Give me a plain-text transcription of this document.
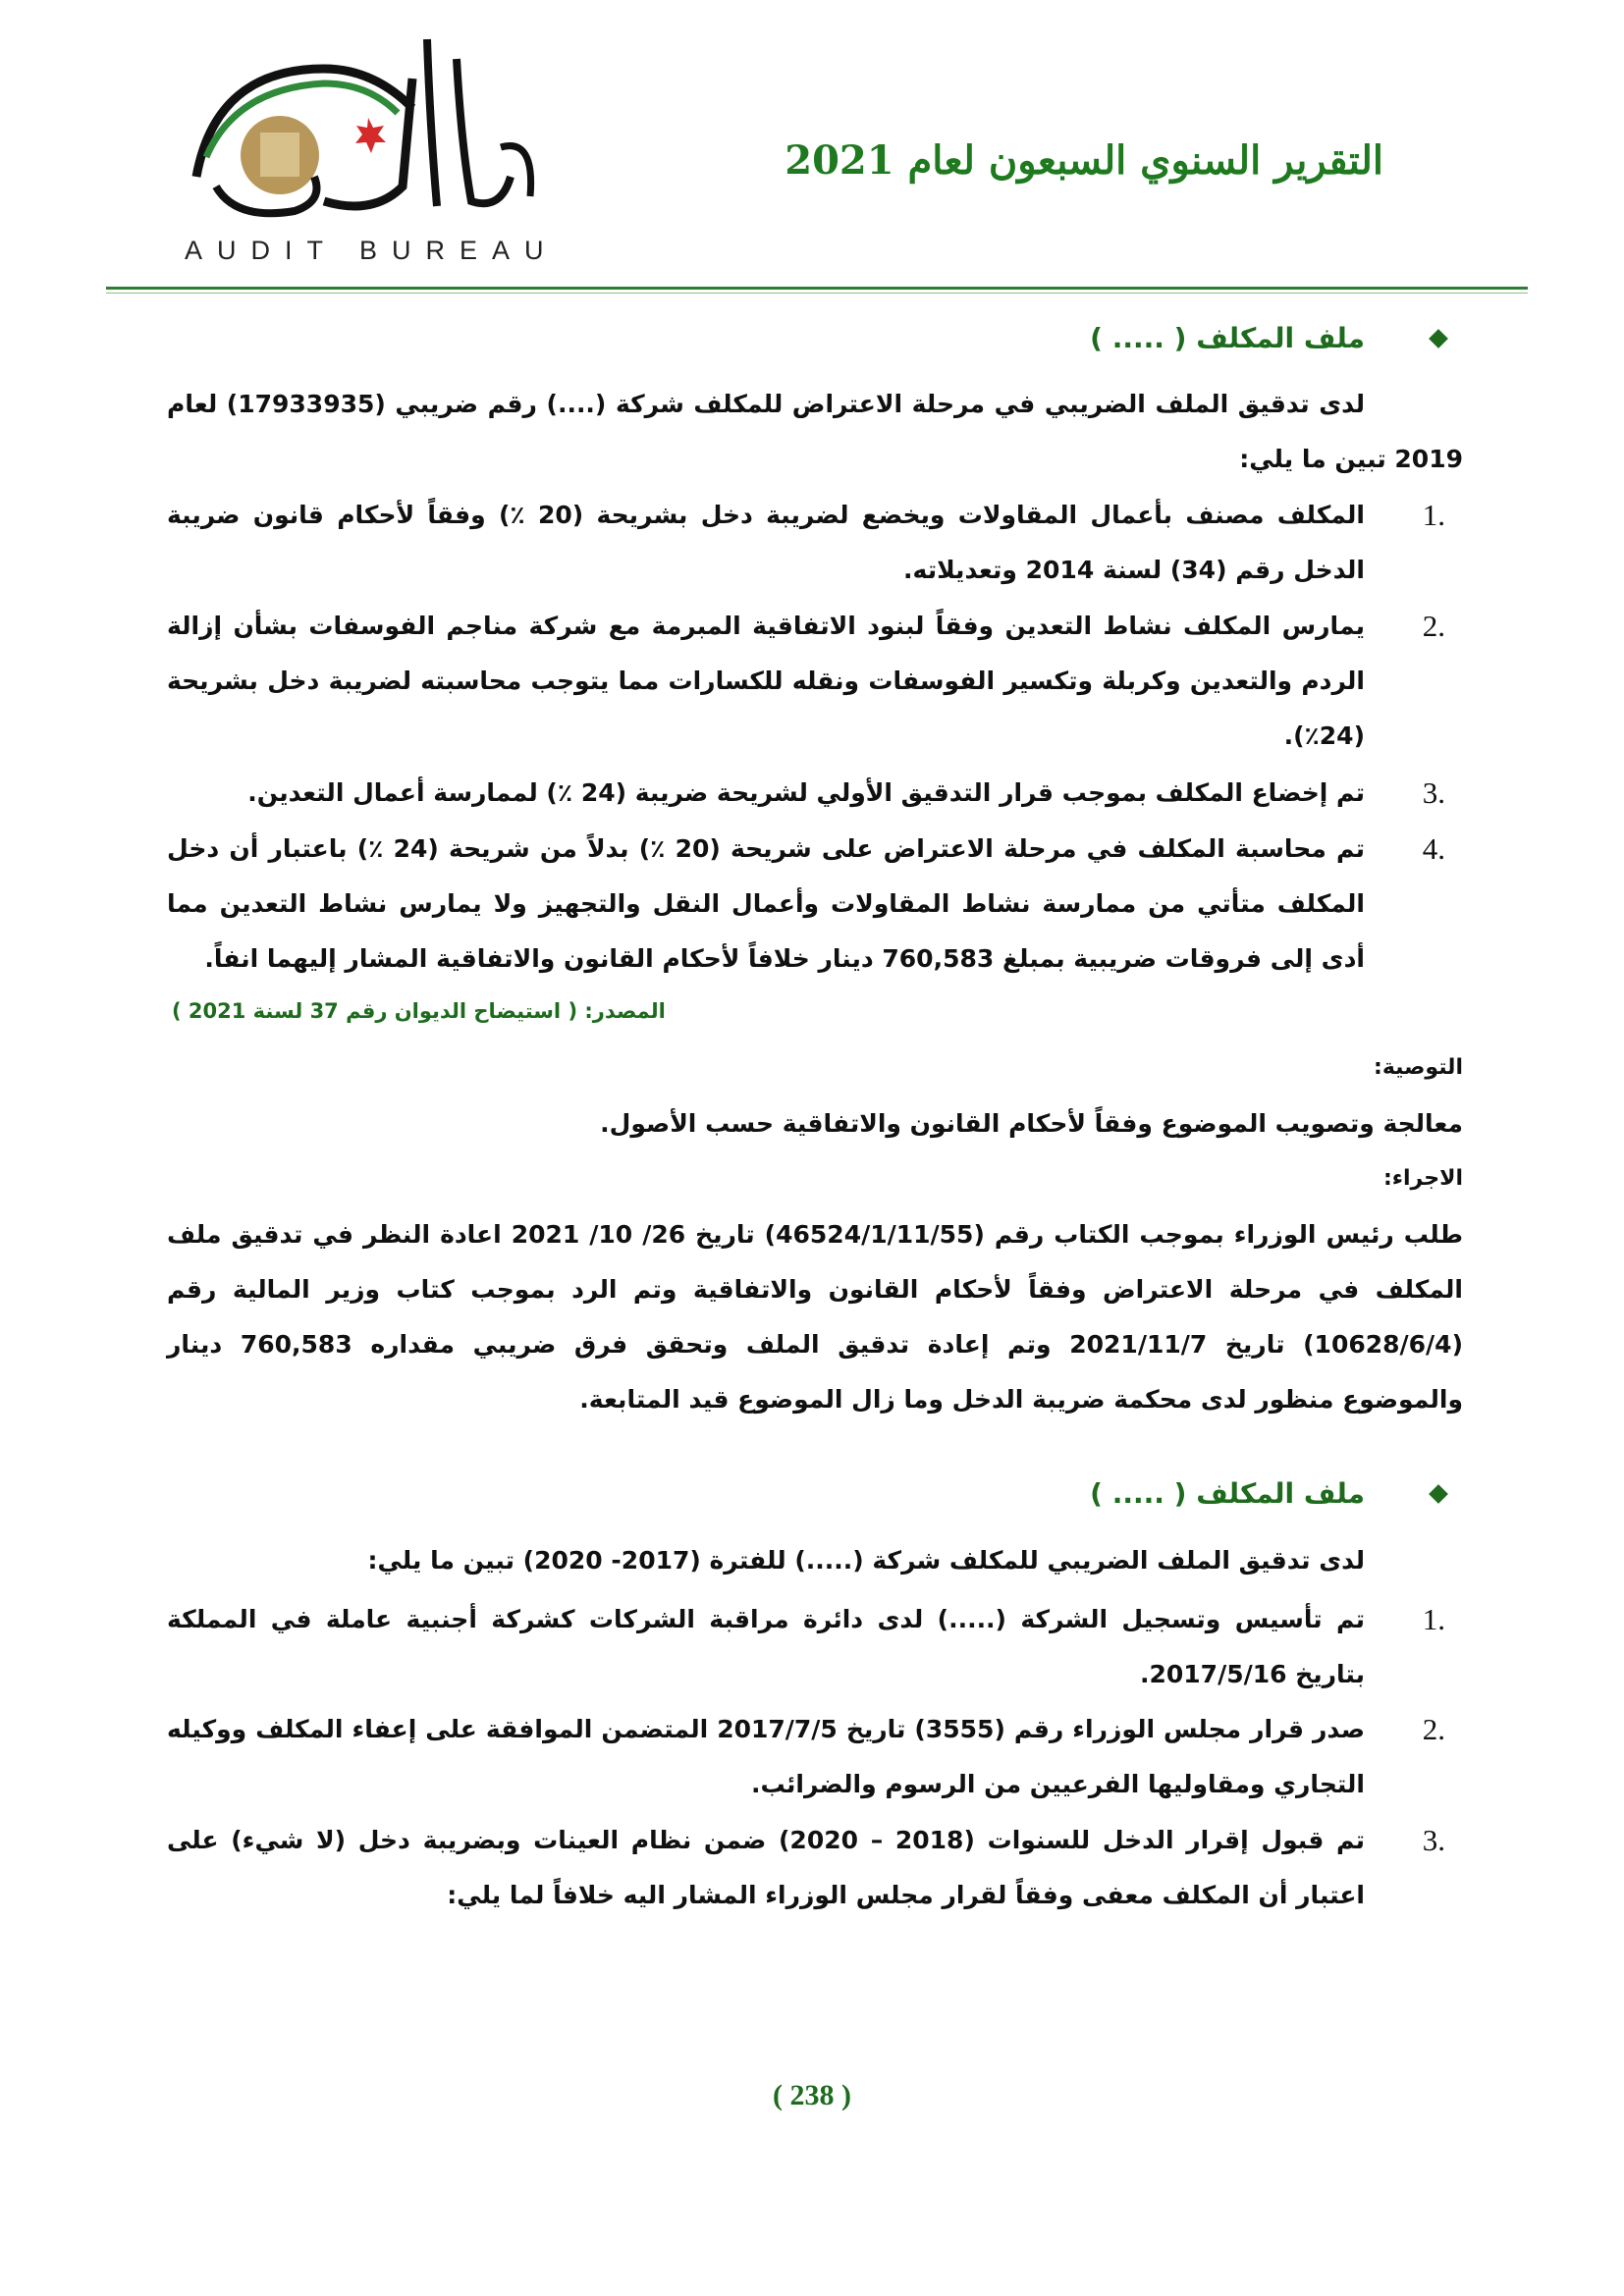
AUDIT BUREAU
التقرير السنوي السبعون لعام 2021
ملف المكلف ( ..... )
لدى تدقيق الملف الضريبي في مرحلة الاعتراض للمكلف شركة (....) رقم ضريبي (17933935) لعام 2019 تبين ما يلي:
.1
المكلف مصنف بأعمال المقاولات ويخضع لضريبة دخل بشريحة (20 ٪) وفقاً لأحكام قانون ضريبة الدخل رقم (34) لسنة 2014 وتعديلاته.
.2
يمارس المكلف نشاط التعدين وفقاً لبنود الاتفاقية المبرمة مع شركة مناجم الفوسفات بشأن إزالة الردم والتعدين وكربلة وتكسير الفوسفات ونقله للكسارات مما يتوجب محاسبته لضريبة دخل بشريحة (24٪).
.3
تم إخضاع المكلف بموجب قرار التدقيق الأولي لشريحة ضريبة (24 ٪) لممارسة أعمال التعدين.
.4
تم محاسبة المكلف في مرحلة الاعتراض على شريحة (20 ٪) بدلاً من شريحة (24 ٪) باعتبار أن دخل المكلف متأتي من ممارسة نشاط المقاولات وأعمال النقل والتجهيز ولا يمارس نشاط التعدين مما أدى إلى فروقات ضريبية بمبلغ 760,583 دينار خلافاً لأحكام القانون والاتفاقية المشار إليهما انفاً.
المصدر: ( استيضاح الديوان رقم 37 لسنة 2021 )
التوصية:
معالجة وتصويب الموضوع وفقاً لأحكام القانون والاتفاقية حسب الأصول.
الاجراء:
طلب رئيس الوزراء بموجب الكتاب رقم (46524/1/11/55) تاريخ 26/ 10/ 2021 اعادة النظر في تدقيق ملف المكلف في مرحلة الاعتراض وفقاً لأحكام القانون والاتفاقية وتم الرد بموجب كتاب وزير المالية رقم (10628/6/4) تاريخ 2021/11/7 وتم إعادة تدقيق الملف وتحقق فرق ضريبي مقداره 760,583 دينار والموضوع منظور لدى محكمة ضريبة الدخل وما زال الموضوع قيد المتابعة.
ملف المكلف ( ..... )
لدى تدقيق الملف الضريبي للمكلف شركة (.....) للفترة (2017- 2020) تبين ما يلي:
.1
تم تأسيس وتسجيل الشركة (.....) لدى دائرة مراقبة الشركات كشركة أجنبية عاملة في المملكة بتاريخ 2017/5/16.
.2
صدر قرار مجلس الوزراء رقم (3555) تاريخ 2017/7/5 المتضمن الموافقة على إعفاء المكلف ووكيله التجاري ومقاوليها الفرعيين من الرسوم والضرائب.
.3
تم قبول إقرار الدخل للسنوات (2018 – 2020) ضمن نظام العينات وبضريبة دخل (لا شيء) على اعتبار أن المكلف معفى وفقاً لقرار مجلس الوزراء المشار اليه خلافاً لما يلي:
( 238 )
